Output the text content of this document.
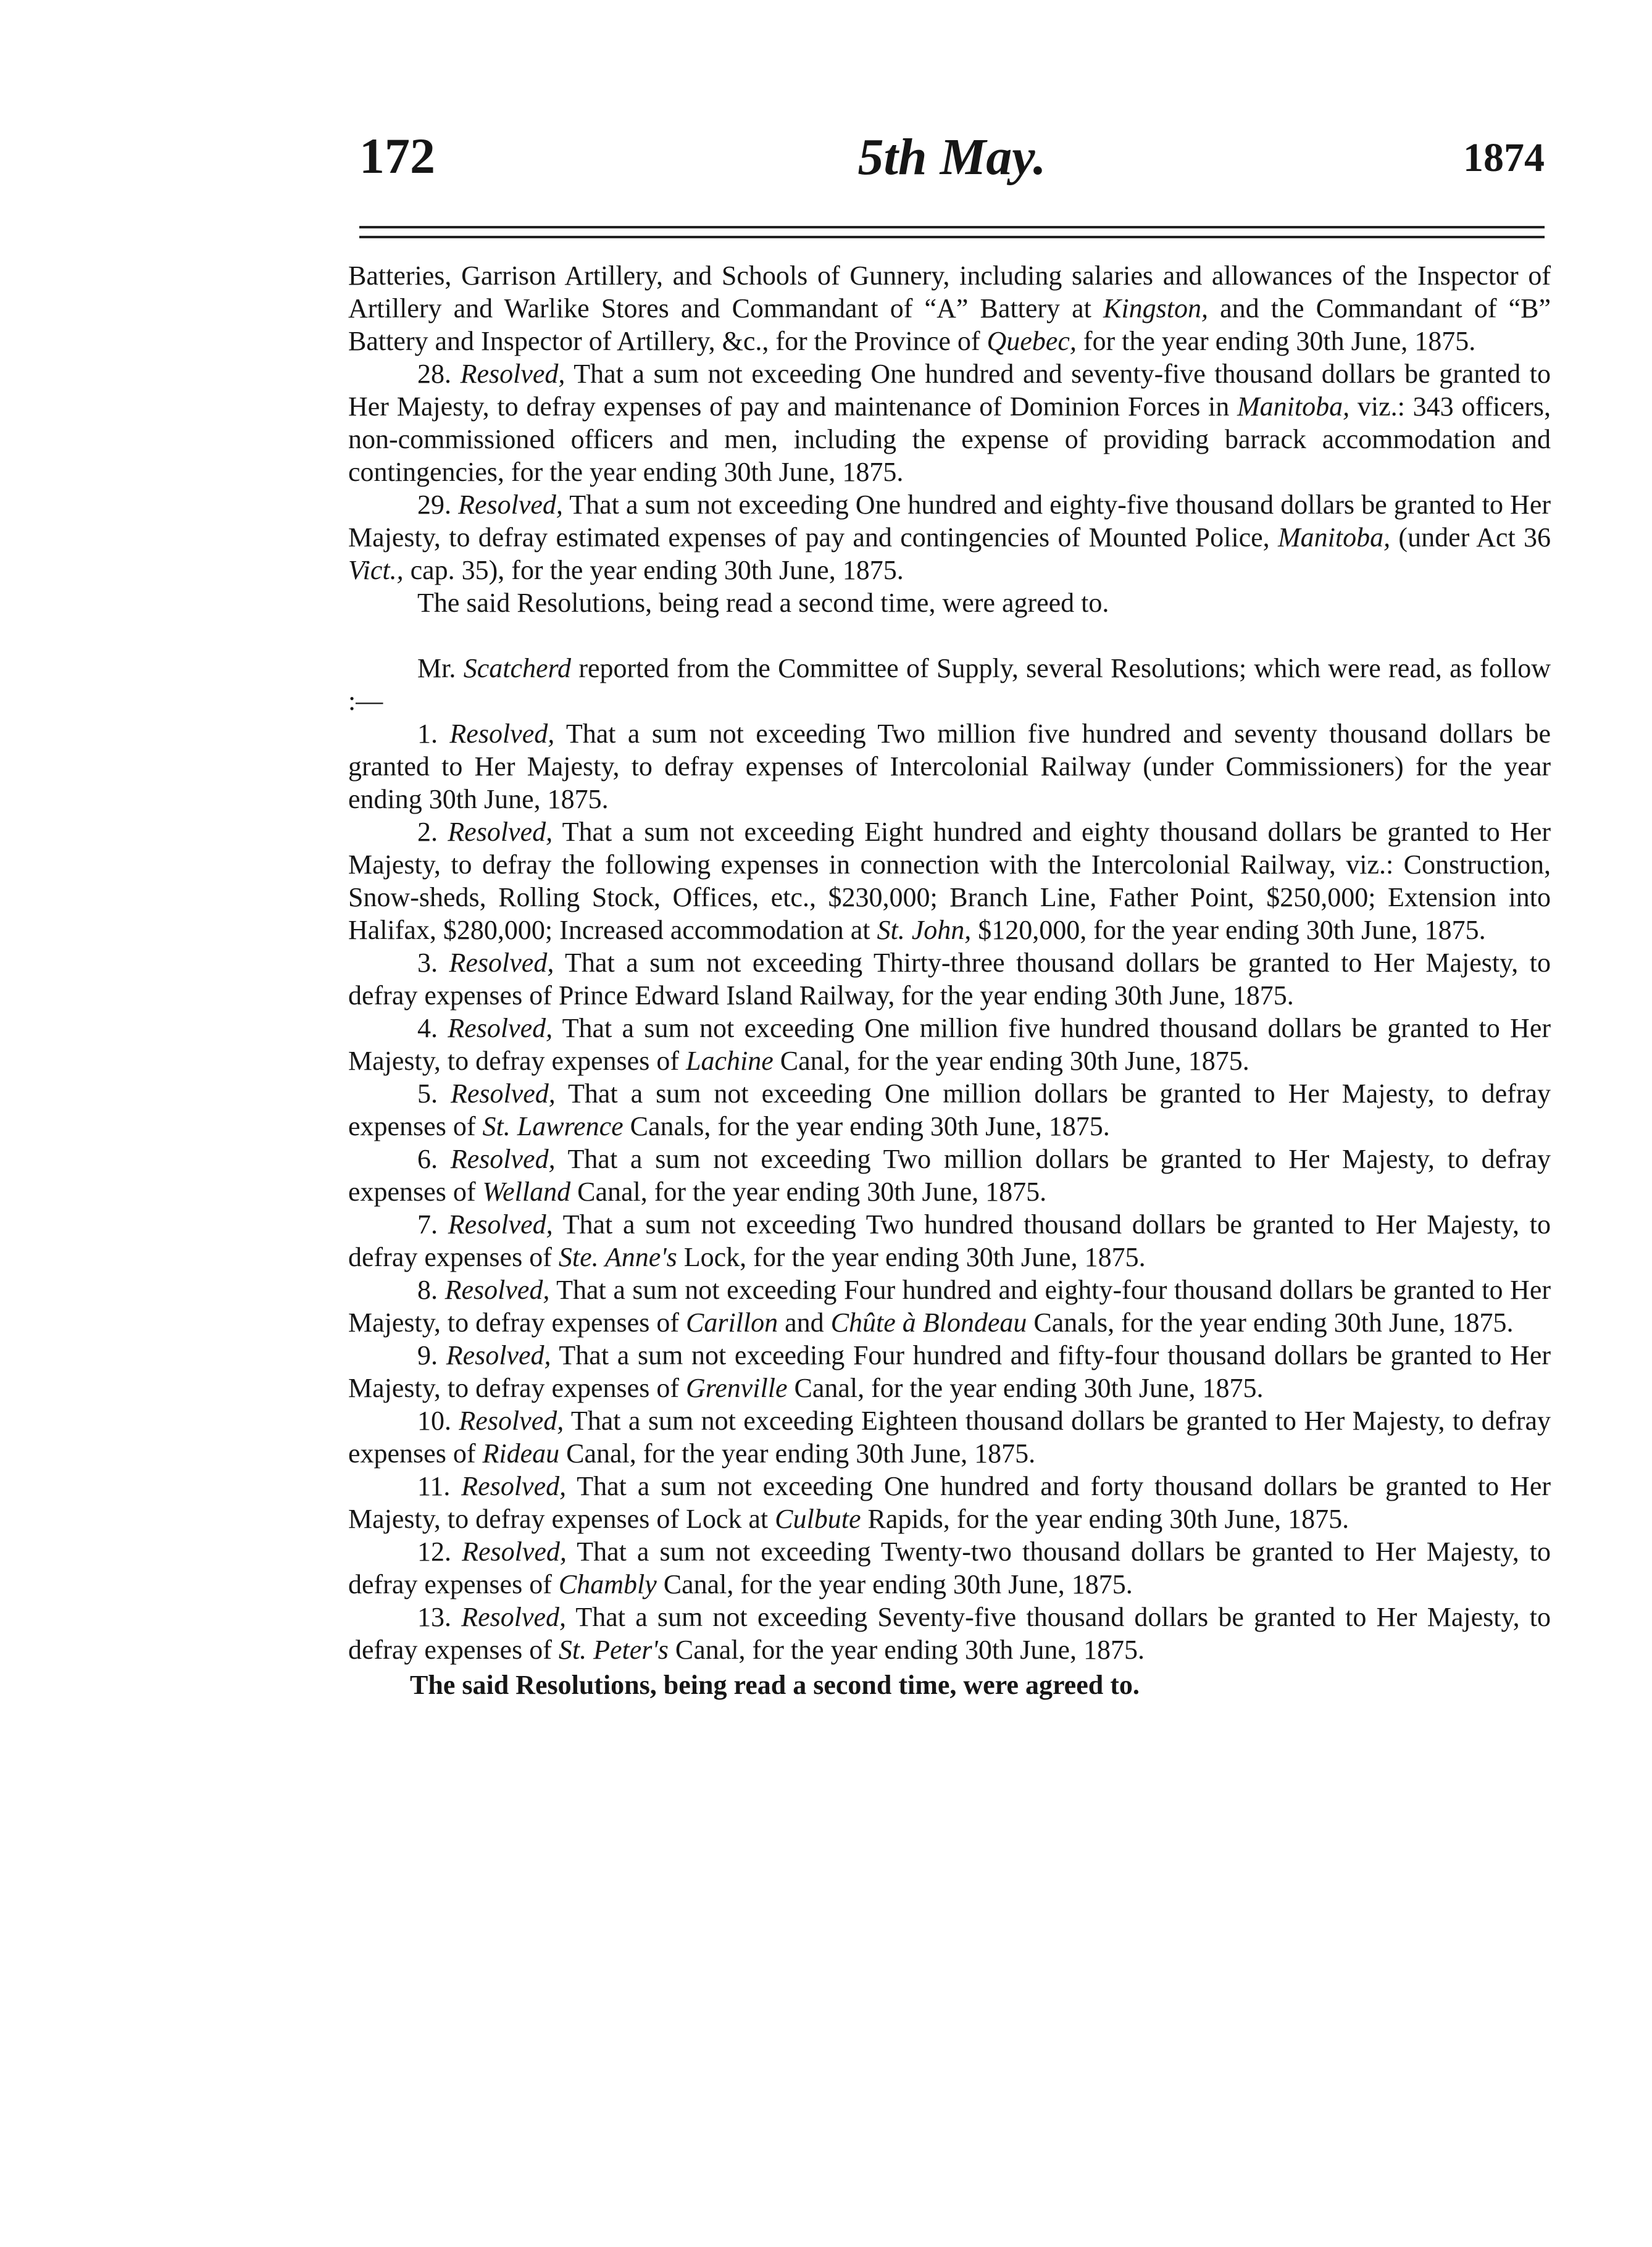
172	5th May.	1874

Batteries, Garrison Artillery, and Schools of Gunnery, including salaries and allowances of the Inspector of Artillery and Warlike Stores and Commandant of “A” Battery at Kingston, and the Commandant of “B” Battery and Inspector of Artillery, &c., for the Province of Quebec, for the year ending 30th June, 1875.

28. Resolved, That a sum not exceeding One hundred and seventy-five thousand dollars be granted to Her Majesty, to defray expenses of pay and maintenance of Dominion Forces in Manitoba, viz.: 343 officers, non-commissioned officers and men, including the expense of providing barrack accommodation and contingencies, for the year ending 30th June, 1875.

29. Resolved, That a sum not exceeding One hundred and eighty-five thousand dollars be granted to Her Majesty, to defray estimated expenses of pay and contingencies of Mounted Police, Manitoba, (under Act 36 Vict., cap. 35), for the year ending 30th June, 1875.

The said Resolutions, being read a second time, were agreed to.

Mr. Scatcherd reported from the Committee of Supply, several Resolutions; which were read, as follow :—

1. Resolved, That a sum not exceeding Two million five hundred and seventy thousand dollars be granted to Her Majesty, to defray expenses of Intercolonial Railway (under Commissioners) for the year ending 30th June, 1875.

2. Resolved, That a sum not exceeding Eight hundred and eighty thousand dollars be granted to Her Majesty, to defray the following expenses in connection with the Intercolonial Railway, viz.: Construction, Snow-sheds, Rolling Stock, Offices, etc., $230,000; Branch Line, Father Point, $250,000; Extension into Halifax, $280,000; Increased accommodation at St. John, $120,000, for the year ending 30th June, 1875.

3. Resolved, That a sum not exceeding Thirty-three thousand dollars be granted to Her Majesty, to defray expenses of Prince Edward Island Railway, for the year ending 30th June, 1875.

4. Resolved, That a sum not exceeding One million five hundred thousand dollars be granted to Her Majesty, to defray expenses of Lachine Canal, for the year ending 30th June, 1875.

5. Resolved, That a sum not exceeding One million dollars be granted to Her Majesty, to defray expenses of St. Lawrence Canals, for the year ending 30th June, 1875.

6. Resolved, That a sum not exceeding Two million dollars be granted to Her Majesty, to defray expenses of Welland Canal, for the year ending 30th June, 1875.

7. Resolved, That a sum not exceeding Two hundred thousand dollars be granted to Her Majesty, to defray expenses of Ste. Anne's Lock, for the year ending 30th June, 1875.

8. Resolved, That a sum not exceeding Four hundred and eighty-four thousand dollars be granted to Her Majesty, to defray expenses of Carillon and Chûte à Blondeau Canals, for the year ending 30th June, 1875.

9. Resolved, That a sum not exceeding Four hundred and fifty-four thousand dollars be granted to Her Majesty, to defray expenses of Grenville Canal, for the year ending 30th June, 1875.

10. Resolved, That a sum not exceeding Eighteen thousand dollars be granted to Her Majesty, to defray expenses of Rideau Canal, for the year ending 30th June, 1875.

11. Resolved, That a sum not exceeding One hundred and forty thousand dollars be granted to Her Majesty, to defray expenses of Lock at Culbute Rapids, for the year ending 30th June, 1875.

12. Resolved, That a sum not exceeding Twenty-two thousand dollars be granted to Her Majesty, to defray expenses of Chambly Canal, for the year ending 30th June, 1875.

13. Resolved, That a sum not exceeding Seventy-five thousand dollars be granted to Her Majesty, to defray expenses of St. Peter's Canal, for the year ending 30th June, 1875.

The said Resolutions, being read a second time, were agreed to.
